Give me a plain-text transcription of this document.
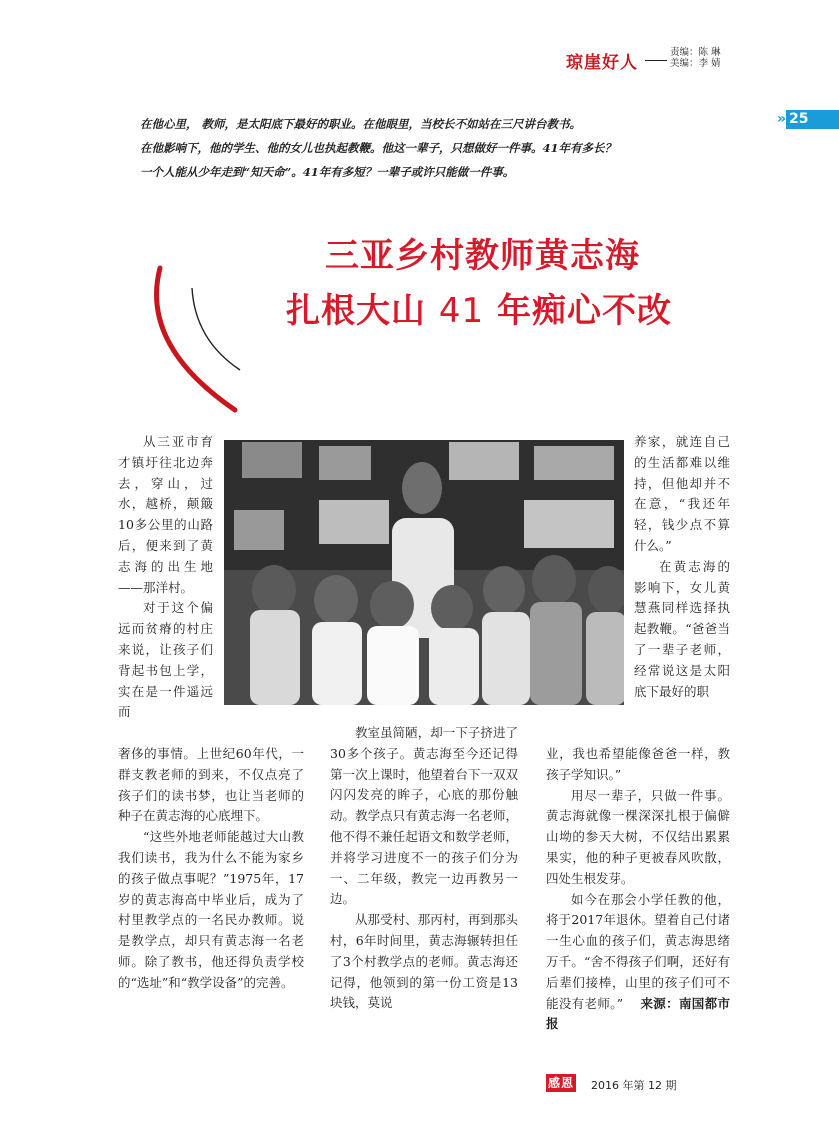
琼崖好人
责编：陈 琳
美编：李 婧
» 25

在他心里， 教师，是太阳底下最好的职业。在他眼里，当校长不如站在三尺讲台教书。

在他影响下，他的学生、他的女儿也执起教鞭。他这一辈子，只想做好一件事。41年有多长？

一个人能从少年走到“知天命”。41年有多短？一辈子或许只能做一件事。

三亚乡村教师黄志海
扎根大山 41 年痴心不改

从三亚市育才镇圩往北边奔去，穿山，过水，越桥，颠簸10多公里的山路后，便来到了黄志海的出生地——那洋村。

对于这个偏远而贫瘠的村庄来说，让孩子们背起书包上学，实在是一件遥远而

奢侈的事情。上世纪60年代，一群支教老师的到来，不仅点亮了孩子们的读书梦，也让当老师的种子在黄志海的心底埋下。

“这些外地老师能越过大山教我们读书，我为什么不能为家乡的孩子做点事呢？”1975年，17岁的黄志海高中毕业后，成为了村里教学点的一名民办教师。说是教学点，却只有黄志海一名老师。除了教书，他还得负责学校的“选址”和“教学设备”的完善。

教室虽简陋，却一下子挤进了30多个孩子。黄志海至今还记得第一次上课时，他望着台下一双双闪闪发亮的眸子，心底的那份触动。教学点只有黄志海一名老师，他不得不兼任起语文和数学老师，并将学习进度不一的孩子们分为一、二年级，教完一边再教另一边。

从那受村、那丙村，再到那头村，6年时间里，黄志海辗转担任了3个村教学点的老师。黄志海还记得，他领到的第一份工资是13块钱，莫说

养家，就连自己的生活都难以维持，但他却并不在意，“我还年轻，钱少点不算什么。”

在黄志海的影响下，女儿黄慧燕同样选择执起教鞭。“爸爸当了一辈子老师，经常说这是太阳底下最好的职

业，我也希望能像爸爸一样，教孩子学知识。”

用尽一辈子，只做一件事。黄志海就像一棵深深扎根于偏僻山坳的参天大树，不仅结出累累果实，他的种子更被春风吹散，四处生根发芽。

如今在那会小学任教的他，将于2017年退休。望着自己付诸一生心血的孩子们，黄志海思绪万千。“舍不得孩子们啊，还好有后辈们接棒，山里的孩子们可不能没有老师。” 来源：南国都市报

感恩 2016 年第 12 期
